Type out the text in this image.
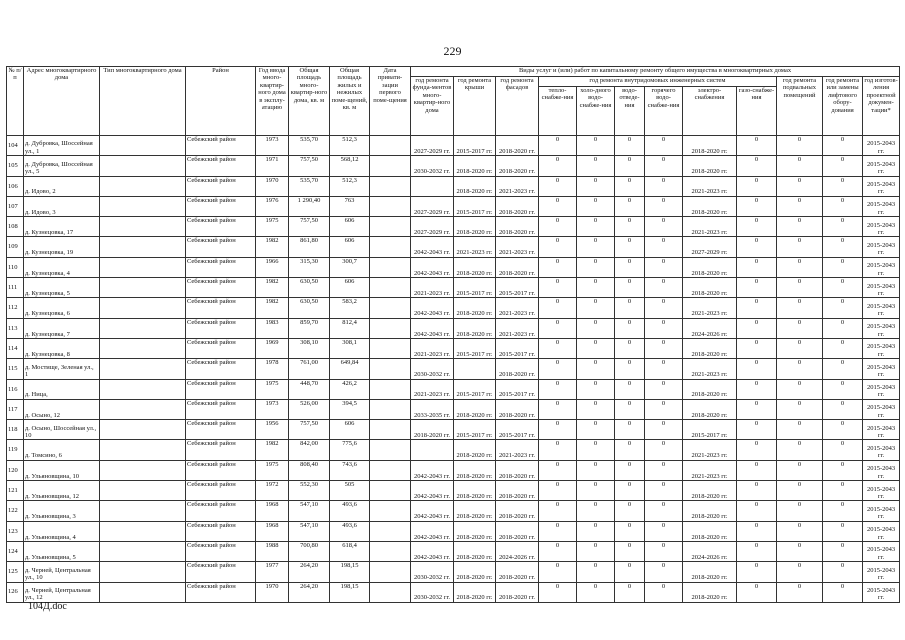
229
№ п/п	Адрес многоквартирного дома	Тип многоквартирного дома	Район	Год ввода много-квартир-ного дома в эксплу-атацию	Общая площадь много-квартир-ного дома, кв. м	Общая площадь жилых и нежилых поме-щений, кв. м	Дата привати-зации первого поме-щения	Виды услуг и (или) работ по капитальному ремонту общего имущества в многоквартирных домах											
								год ремонта фунда-ментов много-квартир-ного дома	год ремонта крыши	год ремонта фасадов	год ремонта внутридомовых инженерных систем						год ремонта подвальных помещений	год ремонта или замены лифтового обору-дования	год изготов-ления проектной докумен-тации*
											тепло-снабже-ния	холо-дного водо-снабже-ния	водо-отведе-ния	горячего водо-снабже-ния	электро-снабжения	газо-снабже-ния			
104	д. Дубровка, Шоссейная ул., 1		Себежский район	1973	535,70	512,3		2027-2029 гг.	2015-2017 гг.	2018-2020 гг.	0	0	0	0	2018-2020 гг.	0	0	0	2015-2043 гг.
105	д. Дубровка, Шоссейная ул., 5		Себежский район	1971	757,50	568,12		2030-2032 гг.	2018-2020 гг.	2018-2020 гг.	0	0	0	0	2018-2020 гг.	0	0	0	2015-2043 гг.
106	д. Идово, 2		Себежский район	1970	535,70	512,3			2018-2020 гг.	2021-2023 гг.	0	0	0	0	2021-2023 гг.	0	0	0	2015-2043 гг.
107	д. Идово, 3		Себежский район	1976	1 290,40	763		2027-2029 гг.	2015-2017 гг.	2018-2020 гг.	0	0	0	0	2018-2020 гг.	0	0	0	2015-2043 гг.
108	д. Кузнецовка, 17		Себежский район	1975	757,50	606		2027-2029 гг.	2018-2020 гг.	2018-2020 гг.	0	0	0	0	2021-2023 гг.	0	0	0	2015-2043 гг.
109	д. Кузнецовка, 19		Себежский район	1982	861,80	606		2042-2043 гг.	2021-2023 гг.	2021-2023 гг.	0	0	0	0	2027-2029 гг.	0	0	0	2015-2043 гг.
110	д. Кузнецовка, 4		Себежский район	1966	315,30	300,7		2042-2043 гг.	2018-2020 гг.	2018-2020 гг.	0	0	0	0	2018-2020 гг.	0	0	0	2015-2043 гг.
111	д. Кузнецовка, 5		Себежский район	1982	630,50	606		2021-2023 гг.	2015-2017 гг.	2015-2017 гг.	0	0	0	0	2018-2020 гг.	0	0	0	2015-2043 гг.
112	д. Кузнецовка, 6		Себежский район	1982	630,50	583,2		2042-2043 гг.	2018-2020 гг.	2021-2023 гг.	0	0	0	0	2021-2023 гг.	0	0	0	2015-2043 гг.
113	д. Кузнецовка, 7		Себежский район	1983	859,70	812,4		2042-2043 гг.	2018-2020 гг.	2021-2023 гг.	0	0	0	0	2024-2026 гг.	0	0	0	2015-2043 гг.
114	д. Кузнецовка, 8		Себежский район	1969	308,10	308,1		2021-2023 гг.	2015-2017 гг.	2015-2017 гг.	0	0	0	0	2018-2020 гг.	0	0	0	2015-2043 гг.
115	д. Мостище, Зеленая ул., 1		Себежский район	1978	761,00	649,84		2030-2032 гг.		2018-2020 гг.	0	0	0	0	2021-2023 гг.	0	0	0	2015-2043 гг.
116	д. Ница,		Себежский район	1975	448,70	426,2		2021-2023 гг.	2015-2017 гг.	2015-2017 гг.	0	0	0	0	2018-2020 гг.	0	0	0	2015-2043 гг.
117	д. Осыно, 12		Себежский район	1973	526,00	394,5		2033-2035 гг.	2018-2020 гг.	2018-2020 гг.	0	0	0	0	2018-2020 гг.	0	0	0	2015-2043 гг.
118	д. Осыно, Шоссейная ул., 10		Себежский район	1956	757,50	606		2018-2020 гг.	2015-2017 гг.	2015-2017 гг.	0	0	0	0	2015-2017 гг.	0	0	0	2015-2043 гг.
119	д. Томсино, 6		Себежский район	1982	842,00	775,6			2018-2020 гг.	2021-2023 гг.	0	0	0	0	2021-2023 гг.	0	0	0	2015-2043 гг.
120	д. Ульяновщина, 10		Себежский район	1975	808,40	743,6		2042-2043 гг.	2018-2020 гг.	2018-2020 гг.	0	0	0	0	2021-2023 гг.	0	0	0	2015-2043 гг.
121	д. Ульяновщина, 12		Себежский район	1972	552,30	505		2042-2043 гг.	2018-2020 гг.	2018-2020 гг.	0	0	0	0	2018-2020 гг.	0	0	0	2015-2043 гг.
122	д. Ульяновщина, 3		Себежский район	1968	547,10	493,6		2042-2043 гг.	2018-2020 гг.	2018-2020 гг.	0	0	0	0	2018-2020 гг.	0	0	0	2015-2043 гг.
123	д. Ульяновщина, 4		Себежский район	1968	547,10	493,6		2042-2043 гг.	2018-2020 гг.	2018-2020 гг.	0	0	0	0	2018-2020 гг.	0	0	0	2015-2043 гг.
124	д. Ульяновщина, 5		Себежский район	1988	700,80	618,4		2042-2043 гг.	2018-2020 гг.	2024-2026 гг.	0	0	0	0	2024-2026 гг.	0	0	0	2015-2043 гг.
125	д. Черней, Центральная ул., 10		Себежский район	1977	264,20	198,15		2030-2032 гг.	2018-2020 гг.	2018-2020 гг.	0	0	0	0	2018-2020 гг.	0	0	0	2015-2043 гг.
126	д. Черней, Центральная ул., 12		Себежский район	1970	264,20	198,15		2030-2032 гг.	2018-2020 гг.	2018-2020 гг.	0	0	0	0	2018-2020 гг.	0	0	0	2015-2043 гг.
104Д.doc
